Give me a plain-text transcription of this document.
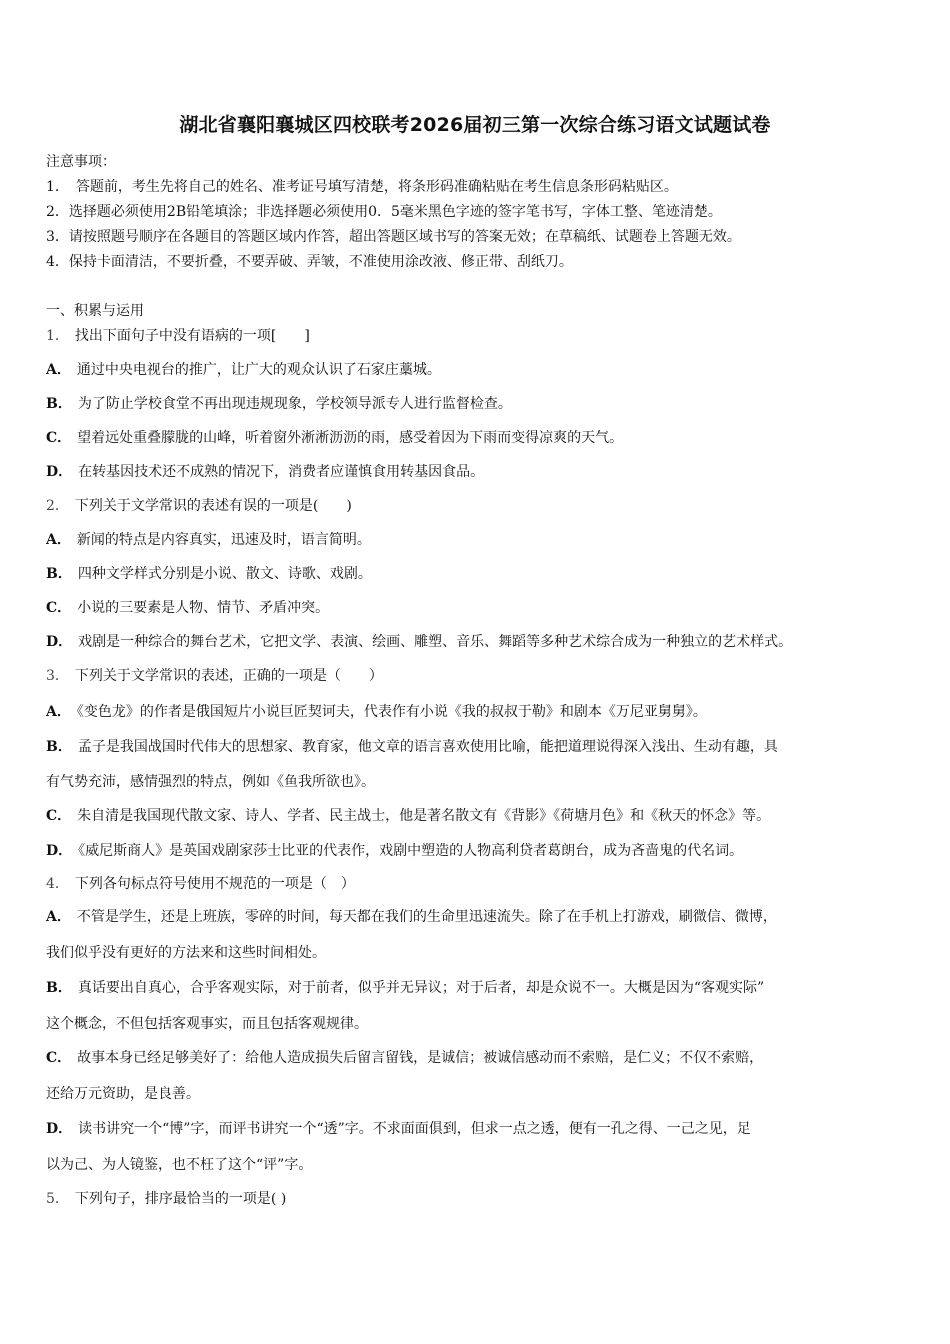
湖北省襄阳襄城区四校联考2026届初三第一次综合练习语文试题试卷

注意事项：

1．　答题前，考生先将自己的姓名、准考证号填写清楚，将条形码准确粘贴在考生信息条形码粘贴区。

2．选择题必须使用2B铅笔填涂；非选择题必须使用0．5毫米黑色字迹的签字笔书写，字体工整、笔迹清楚。

3．请按照题号顺序在各题目的答题区域内作答，超出答题区域书写的答案无效；在草稿纸、试题卷上答题无效。

4．保持卡面清洁，不要折叠，不要弄破、弄皱，不准使用涂改液、修正带、刮纸刀。

一、积累与运用

1． 找出下面句子中没有语病的一项[　　]

A． 通过中央电视台的推广，让广大的观众认识了石家庄藁城。

B． 为了防止学校食堂不再出现违规现象，学校领导派专人进行监督检查。

C． 望着远处重叠朦胧的山峰，听着窗外淅淅沥沥的雨，感受着因为下雨而变得凉爽的天气。

D． 在转基因技术还不成熟的情况下，消费者应谨慎食用转基因食品。

2． 下列关于文学常识的表述有误的一项是(　　)

A． 新闻的特点是内容真实，迅速及时，语言简明。

B． 四种文学样式分别是小说、散文、诗歌、戏剧。

C． 小说的三要素是人物、情节、矛盾冲突。

D． 戏剧是一种综合的舞台艺术，它把文学、表演、绘画、雕塑、音乐、舞蹈等多种艺术综合成为一种独立的艺术样式。

3． 下列关于文学常识的表述，正确的一项是（　　）

A． 《变色龙》的作者是俄国短片小说巨匠契诃夫，代表作有小说《我的叔叔于勒》和剧本《万尼亚舅舅》。

B． 孟子是我国战国时代伟大的思想家、教育家，他文章的语言喜欢使用比喻，能把道理说得深入浅出、生动有趣，具

有气势充沛，感情强烈的特点，例如《鱼我所欲也》。

C． 朱自清是我国现代散文家、诗人、学者、民主战士，他是著名散文有《背影》《荷塘月色》和《秋天的怀念》等。

D． 《威尼斯商人》是英国戏剧家莎士比亚的代表作，戏剧中塑造的人物高利贷者葛朗台，成为吝啬鬼的代名词。

4． 下列各句标点符号使用不规范的一项是（　）

A． 不管是学生，还是上班族，零碎的时间，每天都在我们的生命里迅速流失。除了在手机上打游戏，刷微信、微博，

我们似乎没有更好的方法来和这些时间相处。

B． 真话要出自真心，合乎客观实际，对于前者，似乎并无异议；对于后者，却是众说不一。大概是因为“客观实际”

这个概念，不但包括客观事实，而且包括客观规律。

C． 故事本身已经足够美好了：给他人造成损失后留言留钱，是诚信；被诚信感动而不索赔，是仁义；不仅不索赔，

还给万元资助，是良善。

D． 读书讲究一个“博”字，而评书讲究一个“透”字。不求面面俱到，但求一点之透，便有一孔之得、一己之见，足

以为己、为人镜鉴，也不枉了这个“评”字。

5． 下列句子，排序最恰当的一项是( )
